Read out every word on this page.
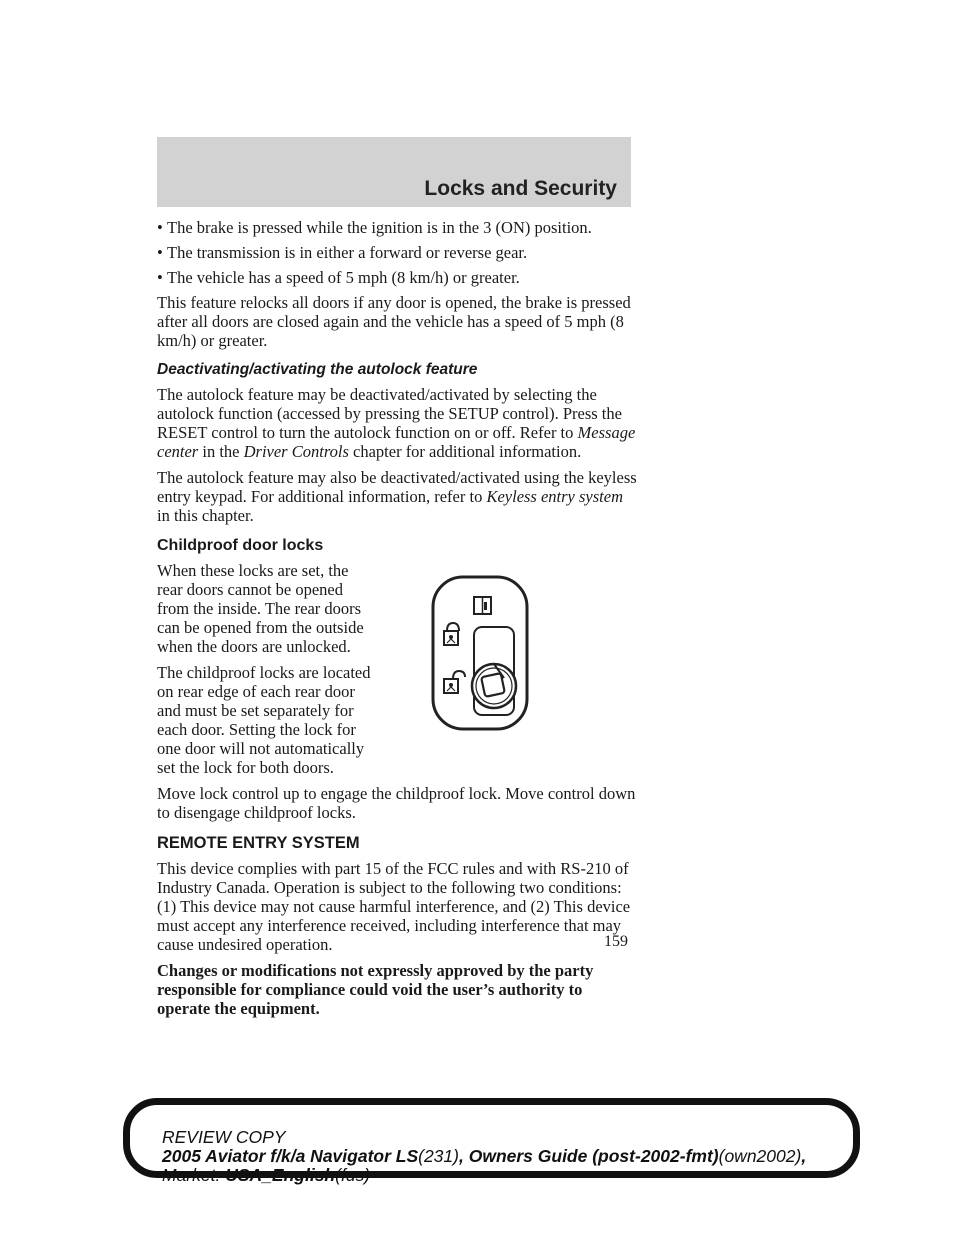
Locks and Security
• The brake is pressed while the ignition is in the 3 (ON) position.
• The transmission is in either a forward or reverse gear.
• The vehicle has a speed of 5 mph (8 km/h) or greater.

This feature relocks all doors if any door is opened, the brake is pressed after all doors are closed again and the vehicle has a speed of 5 mph (8 km/h) or greater.

Deactivating/activating the autolock feature

The autolock feature may be deactivated/activated by selecting the autolock function (accessed by pressing the SETUP control). Press the RESET control to turn the autolock function on or off. Refer to Message center in the Driver Controls chapter for additional information.

The autolock feature may also be deactivated/activated using the keyless entry keypad. For additional information, refer to Keyless entry system in this chapter.

Childproof door locks

When these locks are set, the rear doors cannot be opened from the inside. The rear doors can be opened from the outside when the doors are unlocked.

The childproof locks are located on rear edge of each rear door and must be set separately for each door. Setting the lock for one door will not automatically set the lock for both doors.

Move lock control up to engage the childproof lock. Move control down to disengage childproof locks.

REMOTE ENTRY SYSTEM

This device complies with part 15 of the FCC rules and with RS-210 of Industry Canada. Operation is subject to the following two conditions: (1) This device may not cause harmful interference, and (2) This device must accept any interference received, including interference that may cause undesired operation.

Changes or modifications not expressly approved by the party responsible for compliance could void the user’s authority to operate the equipment.

159
REVIEW COPY
2005 Aviator f/k/a Navigator LS(231), Owners Guide (post-2002-fmt)(own2002),
Market: USA_English(fus)
